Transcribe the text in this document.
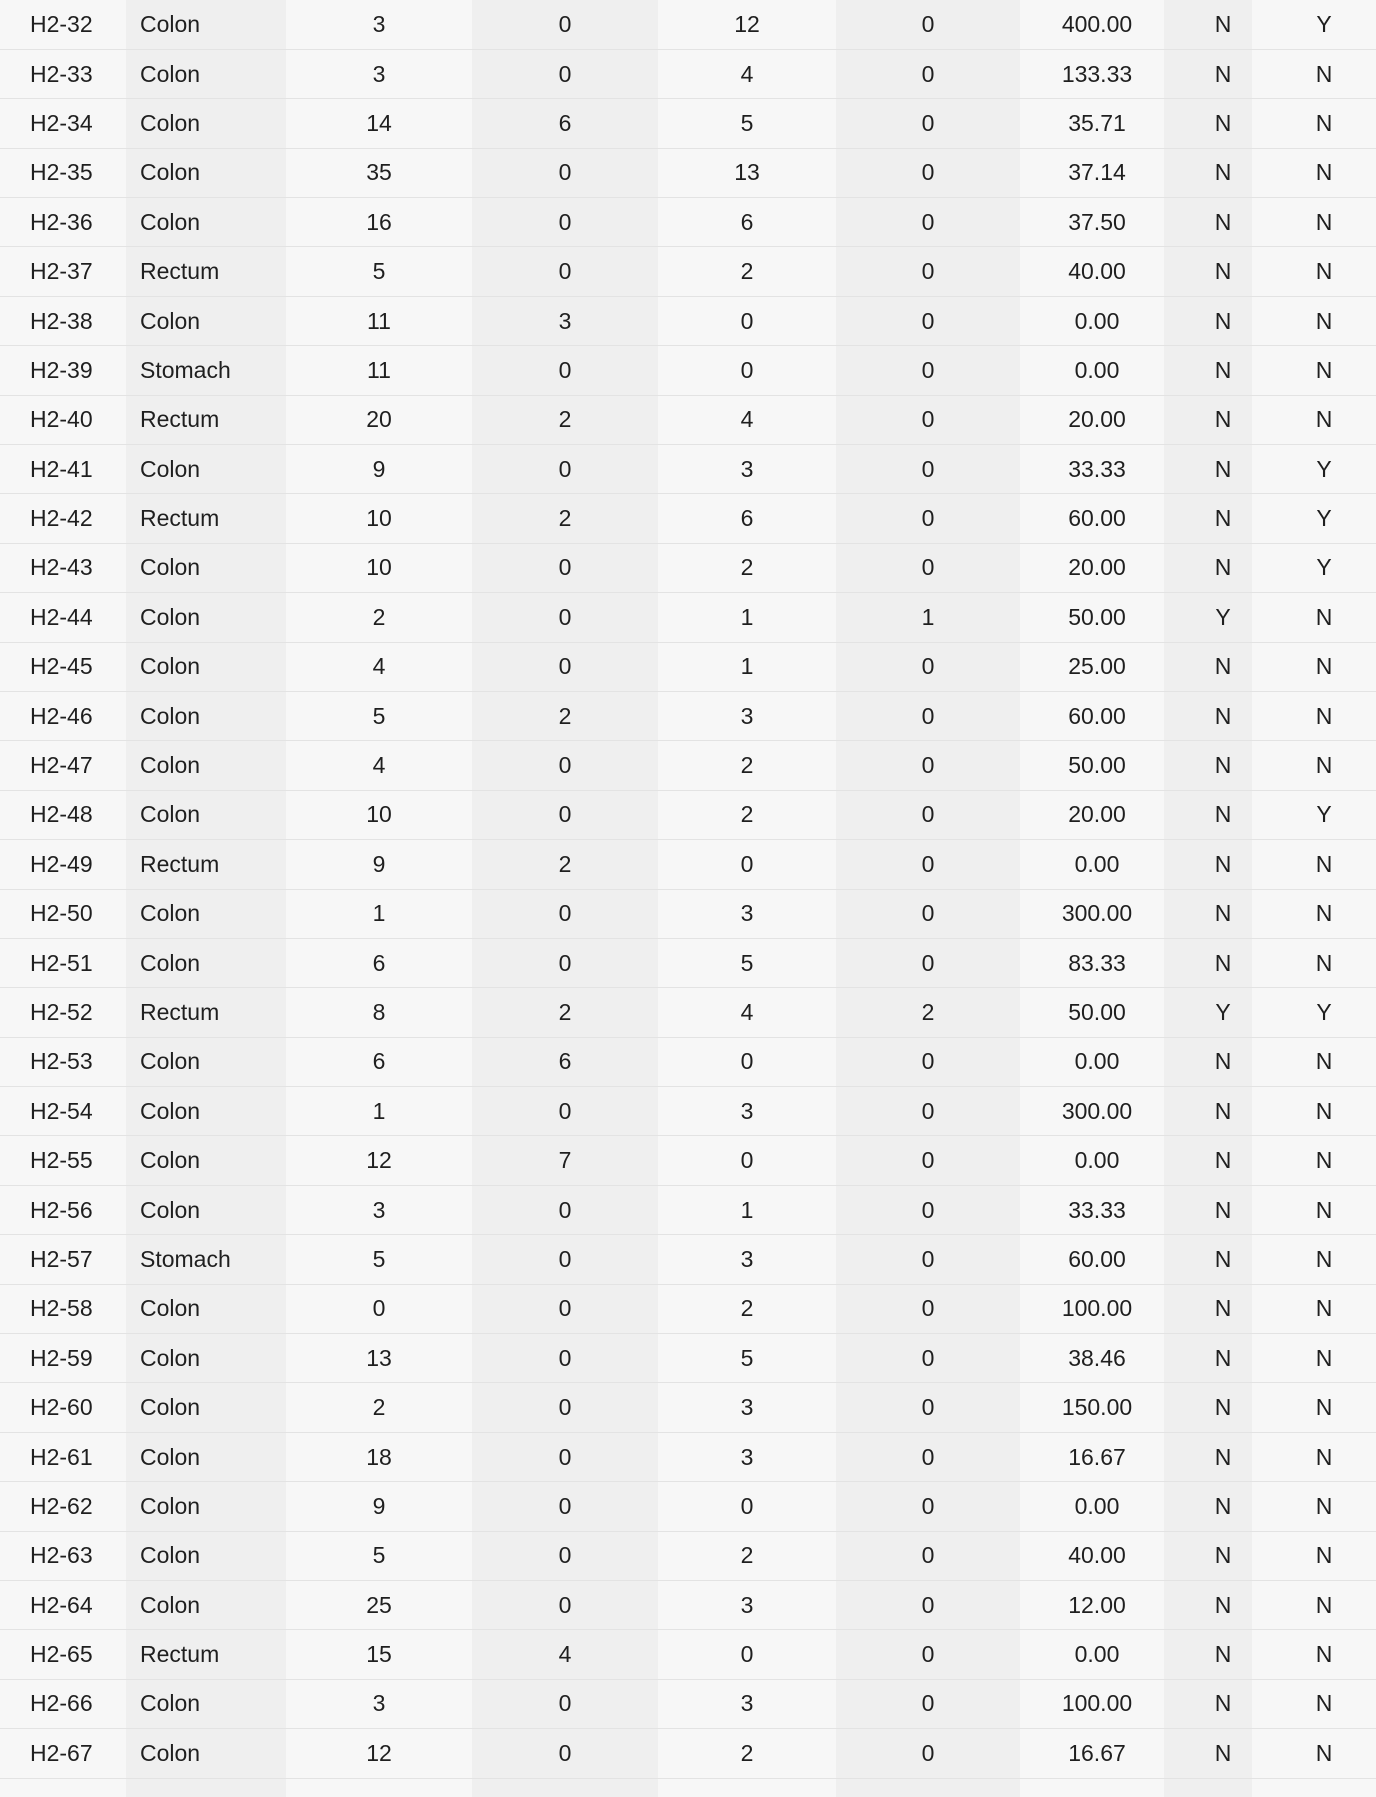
H2-32	Colon	3	0	12	0	400.00	N	Y
H2-33	Colon	3	0	4	0	133.33	N	N
H2-34	Colon	14	6	5	0	35.71	N	N
H2-35	Colon	35	0	13	0	37.14	N	N
H2-36	Colon	16	0	6	0	37.50	N	N
H2-37	Rectum	5	0	2	0	40.00	N	N
H2-38	Colon	11	3	0	0	0.00	N	N
H2-39	Stomach	11	0	0	0	0.00	N	N
H2-40	Rectum	20	2	4	0	20.00	N	N
H2-41	Colon	9	0	3	0	33.33	N	Y
H2-42	Rectum	10	2	6	0	60.00	N	Y
H2-43	Colon	10	0	2	0	20.00	N	Y
H2-44	Colon	2	0	1	1	50.00	Y	N
H2-45	Colon	4	0	1	0	25.00	N	N
H2-46	Colon	5	2	3	0	60.00	N	N
H2-47	Colon	4	0	2	0	50.00	N	N
H2-48	Colon	10	0	2	0	20.00	N	Y
H2-49	Rectum	9	2	0	0	0.00	N	N
H2-50	Colon	1	0	3	0	300.00	N	N
H2-51	Colon	6	0	5	0	83.33	N	N
H2-52	Rectum	8	2	4	2	50.00	Y	Y
H2-53	Colon	6	6	0	0	0.00	N	N
H2-54	Colon	1	0	3	0	300.00	N	N
H2-55	Colon	12	7	0	0	0.00	N	N
H2-56	Colon	3	0	1	0	33.33	N	N
H2-57	Stomach	5	0	3	0	60.00	N	N
H2-58	Colon	0	0	2	0	100.00	N	N
H2-59	Colon	13	0	5	0	38.46	N	N
H2-60	Colon	2	0	3	0	150.00	N	N
H2-61	Colon	18	0	3	0	16.67	N	N
H2-62	Colon	9	0	0	0	0.00	N	N
H2-63	Colon	5	0	2	0	40.00	N	N
H2-64	Colon	25	0	3	0	12.00	N	N
H2-65	Rectum	15	4	0	0	0.00	N	N
H2-66	Colon	3	0	3	0	100.00	N	N
H2-67	Colon	12	0	2	0	16.67	N	N
